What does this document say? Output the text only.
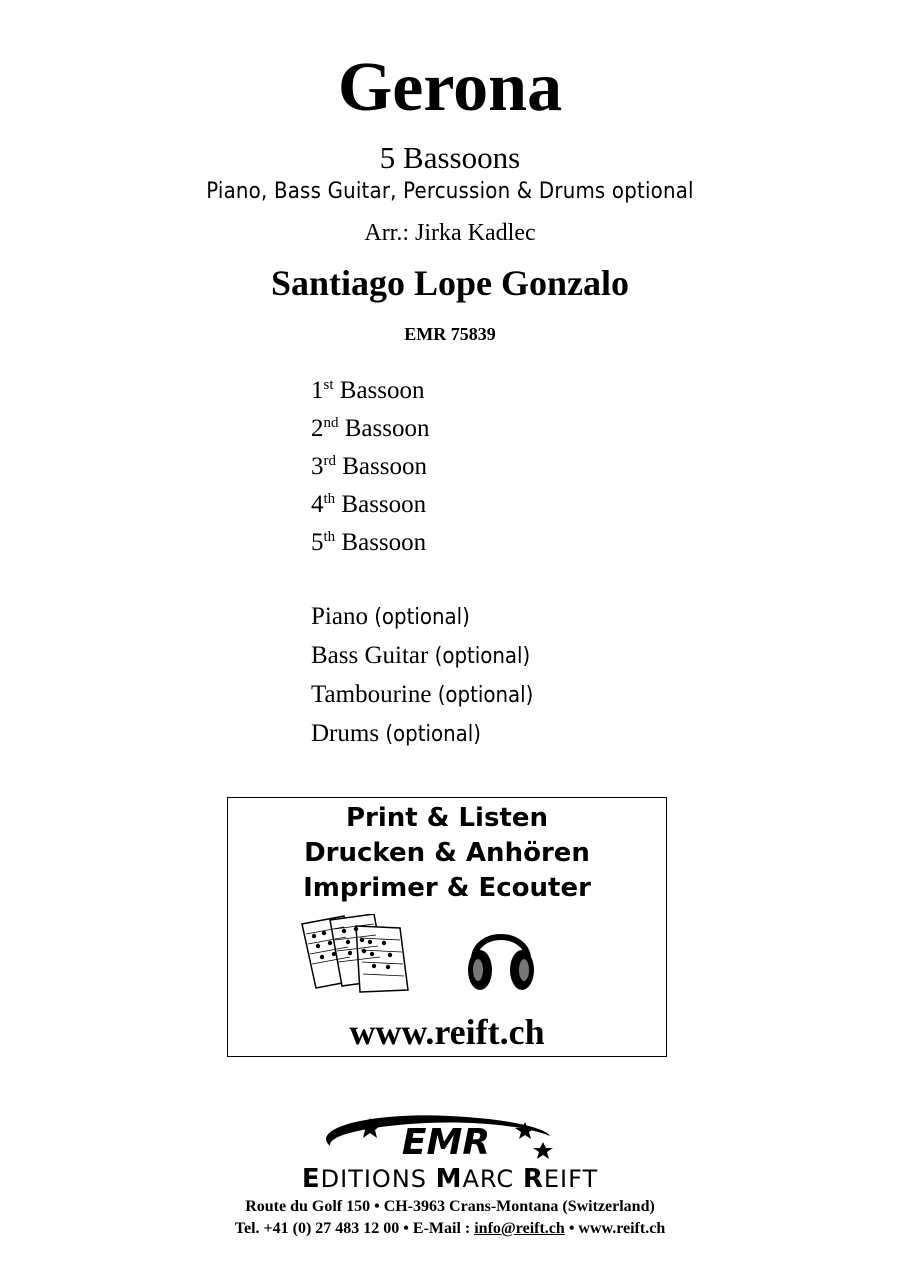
Gerona
5 Bassoons
Piano, Bass Guitar, Percussion & Drums optional
Arr.: Jirka Kadlec
Santiago Lope Gonzalo
EMR 75839
1st Bassoon
2nd Bassoon
3rd Bassoon
4th Bassoon
5th Bassoon
Piano (optional)
Bass Guitar (optional)
Tambourine (optional)
Drums (optional)
Print & Listen
Drucken & Anhören
Imprimer & Ecouter
www.reift.ch
EMR
EDITIONS MARC REIFT
Route du Golf 150 • CH-3963 Crans-Montana (Switzerland)
Tel. +41 (0) 27 483 12 00 • E-Mail : info@reift.ch • www.reift.ch
